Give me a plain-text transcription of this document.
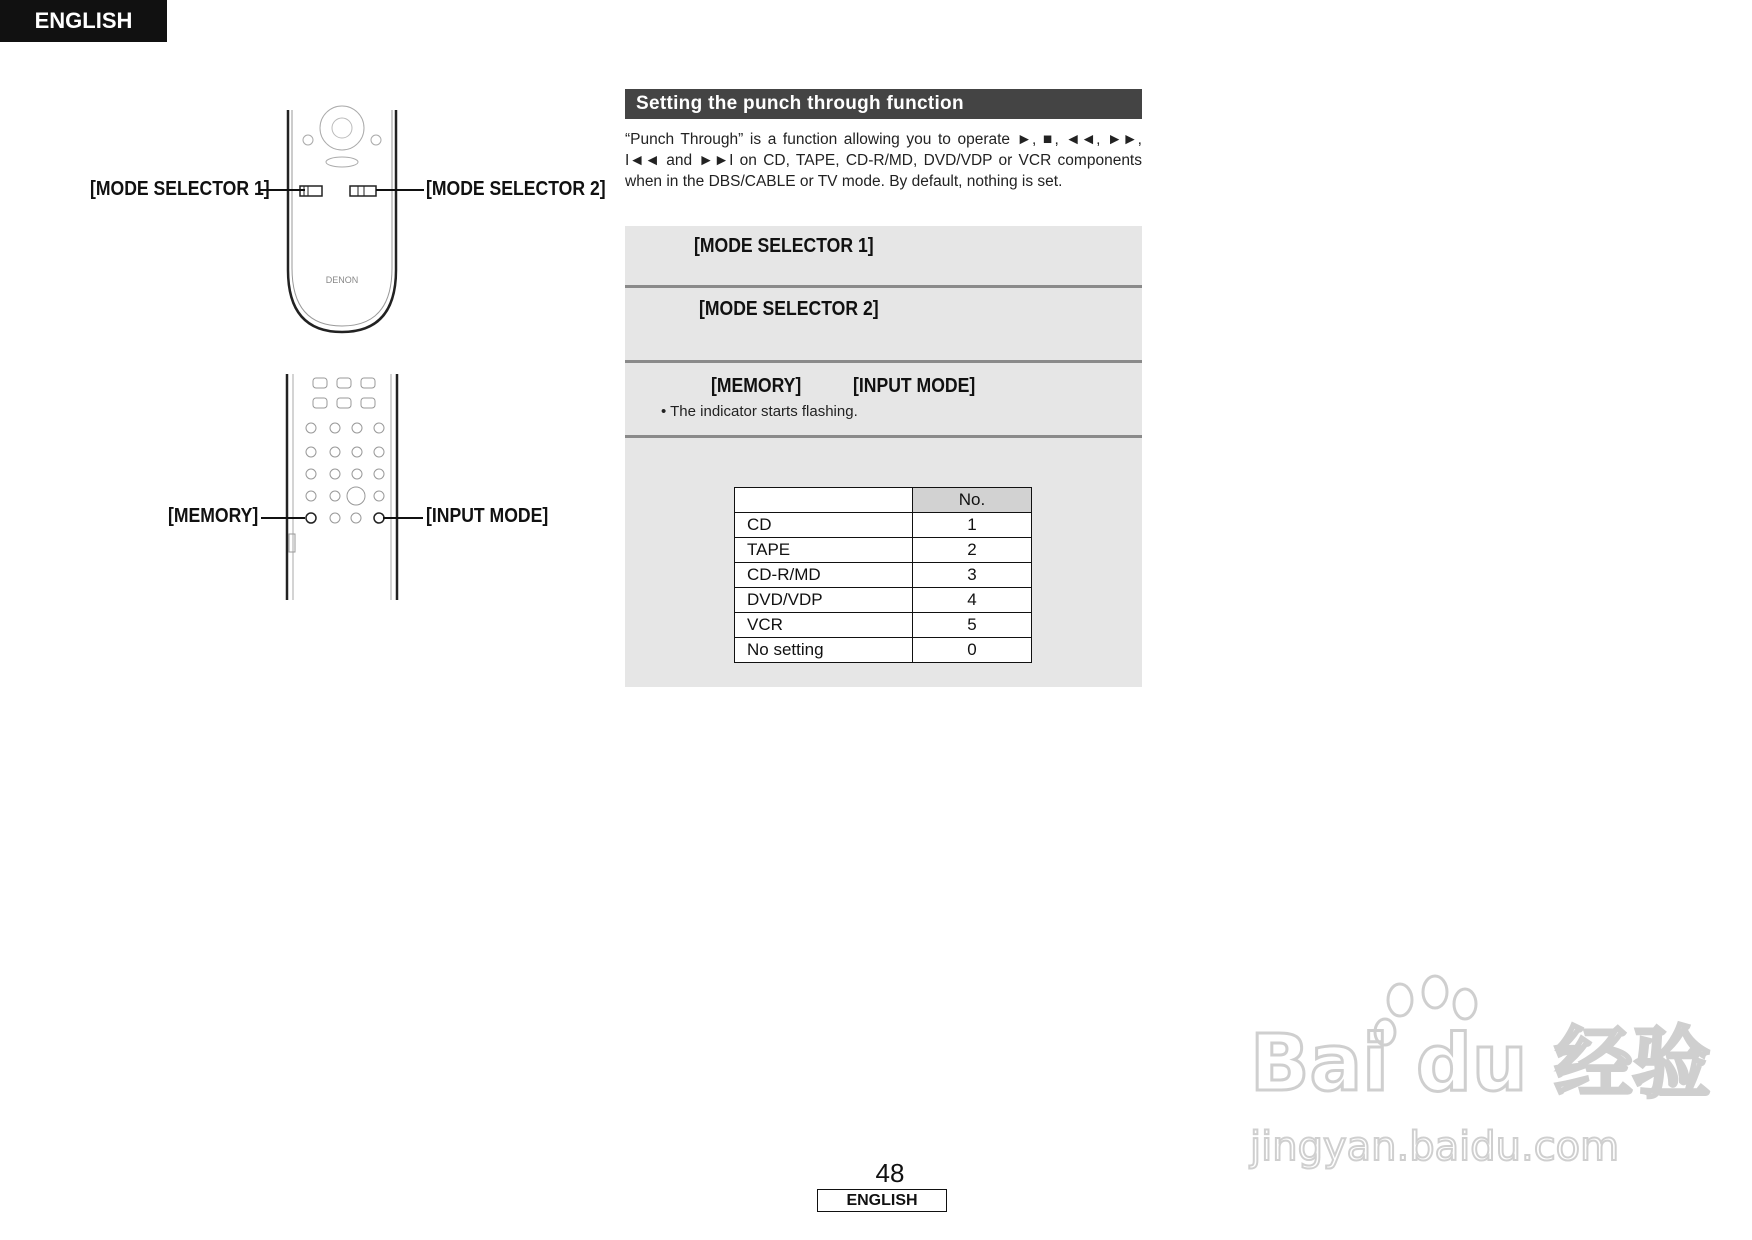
ENGLISH
DENON
[MODE SELECTOR 1]	[MODE SELECTOR 2]
[MEMORY]	[INPUT MODE]
Setting the punch through function
“Punch Through” is a function allowing you to operate ►, ■, ◄◄, ►►, I◄◄ and ►►I on CD, TAPE, CD-R/MD, DVD/VDP or VCR components when in the DBS/CABLE or TV mode. By default, nothing is set.
[MODE SELECTOR 1]
[MODE SELECTOR 2]
[MEMORY]	[INPUT MODE]
• The indicator starts flashing.
	No.
CD	1
TAPE	2
CD-R/MD	3
DVD/VDP	4
VCR	5
No setting	0
48
ENGLISH
Bai du 经验
jingyan.baidu.com
